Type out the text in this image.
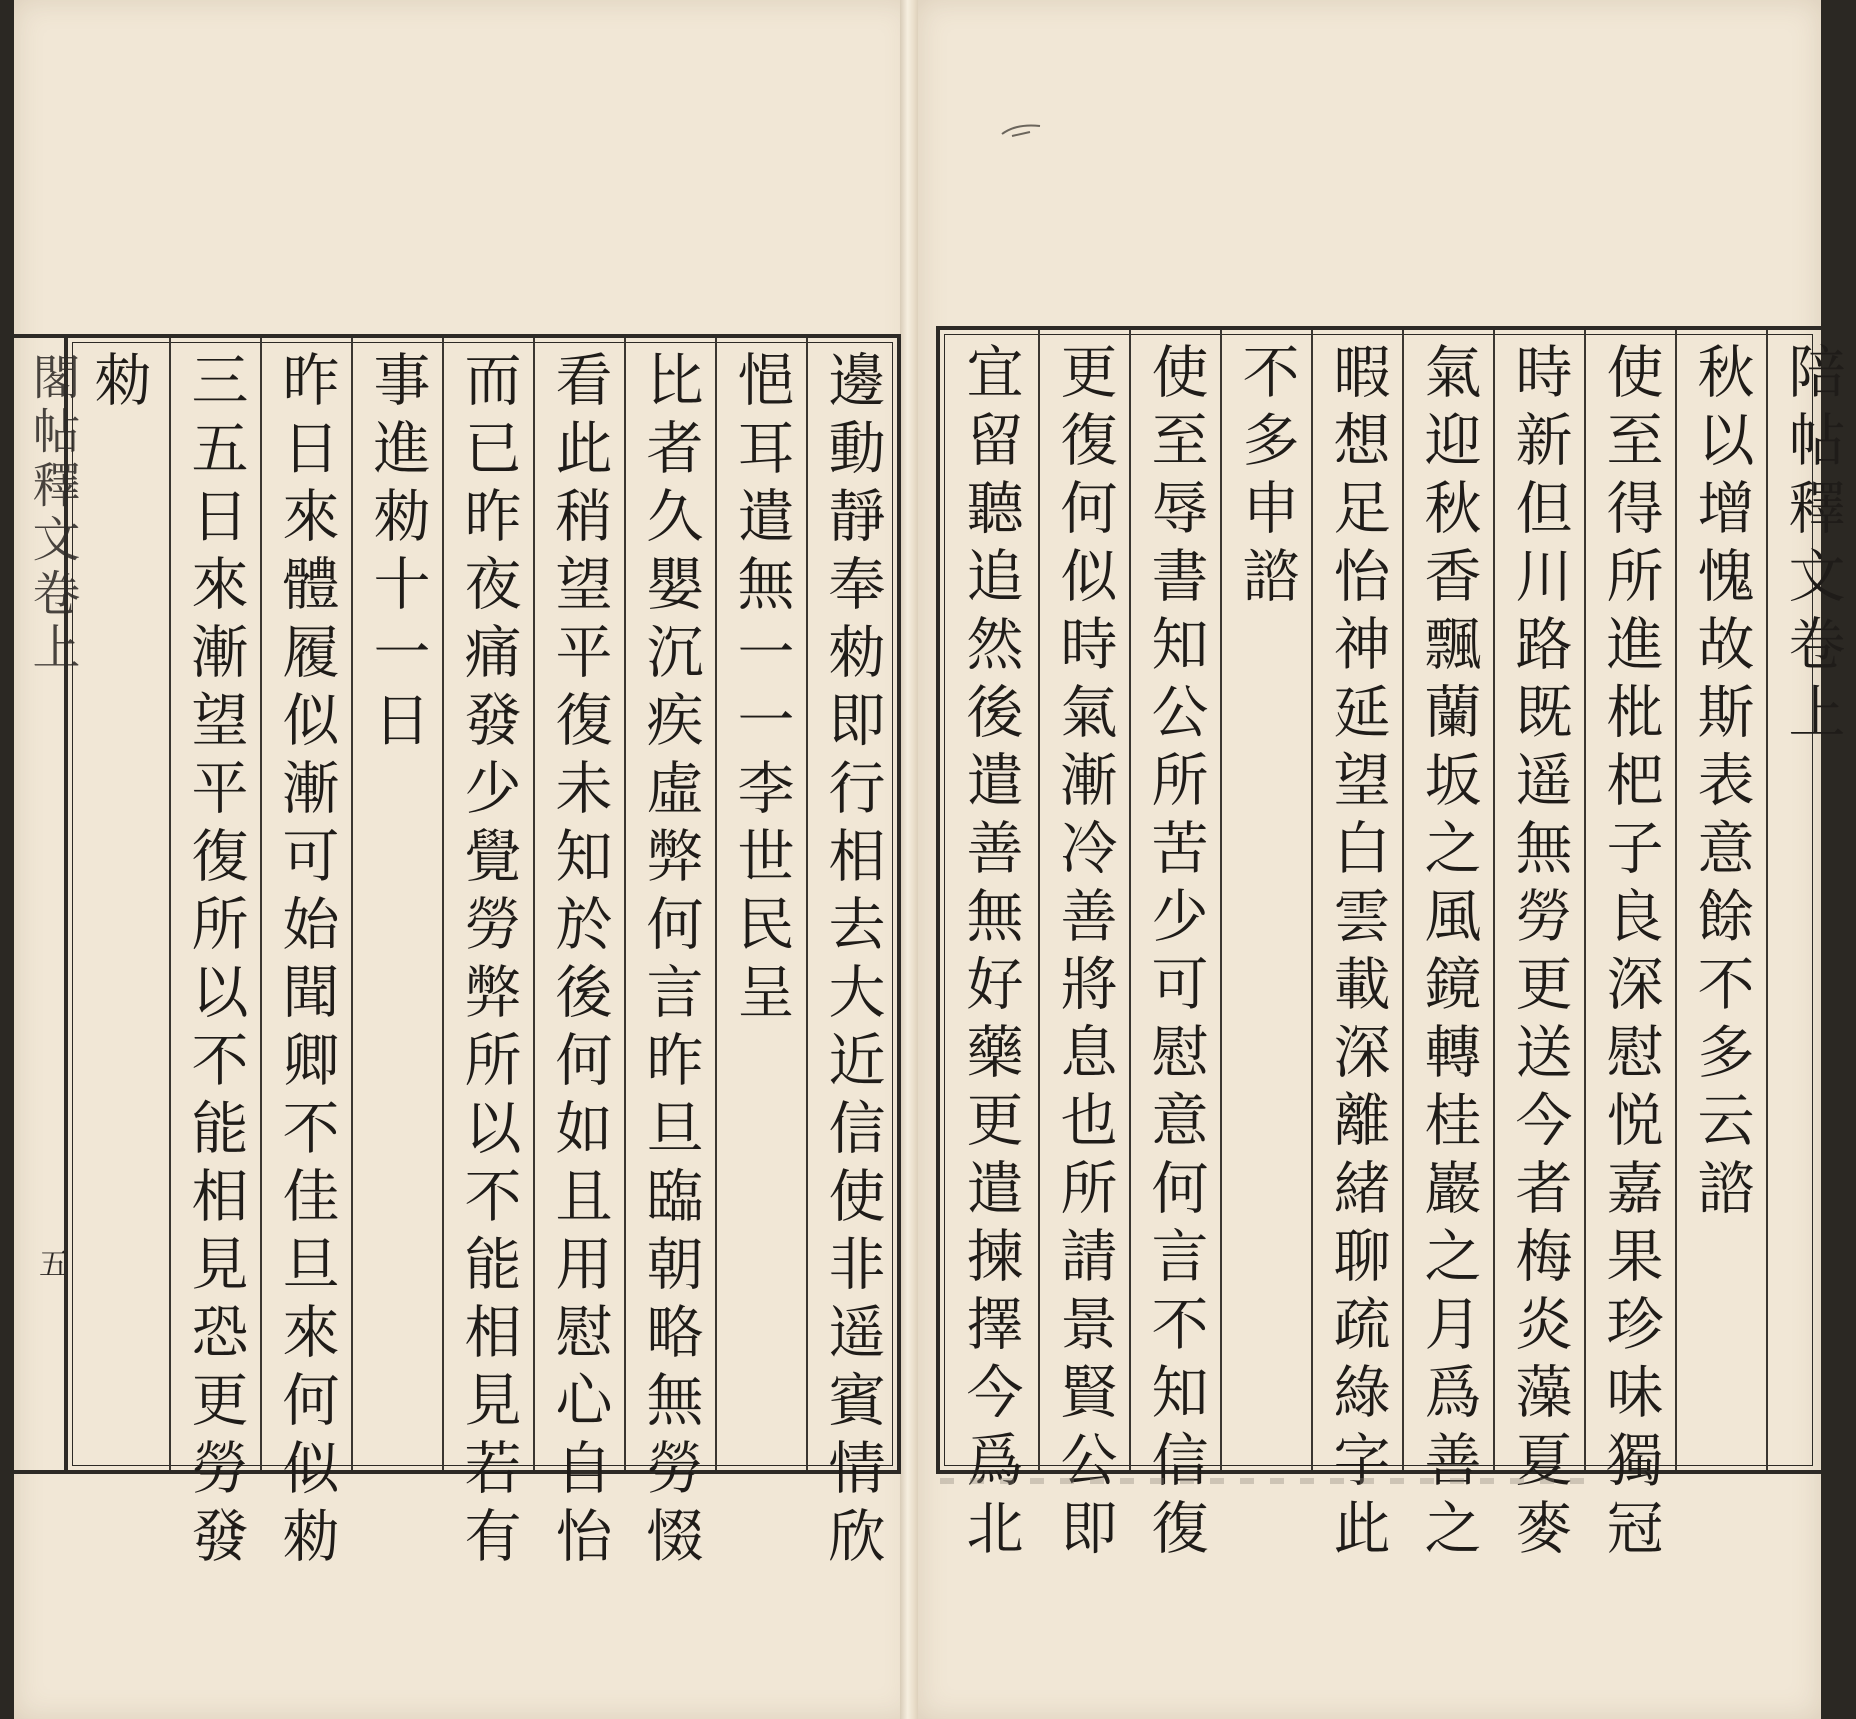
閣帖釋文卷上
五	邊動靜奉勑即行相去大近信使非遥賓情欣
悒耳遣無一一李世民呈
比者久嬰沉疾虛弊何言昨旦臨朝略無勞惙
看此稍望平復未知於後何如且用慰心自怡
而已昨夜痛發少覺勞弊所以不能相見若有
事進勑十一日
昨日來體履似漸可始聞卿不佳旦來何似勑
三五日來漸望平復所以不能相見恐更勞發
勑	陪帖釋文卷上
秋以增愧故斯表意餘不多云諮
使至得所進枇杷子良深慰悦嘉果珍味獨冠
時新但川路既遥無勞更送今者梅炎藻夏麥
氣迎秋香飄蘭坂之風鏡轉桂巖之月爲善之
暇想足怡神延望白雲載深離緒聊疏綠字此
不多申諮
使至辱書知公所苦少可慰意何言不知信復
更復何似時氣漸冷善將息也所請景賢公即
宜留聽追然後遣善無好藥更遣揀擇今爲北
